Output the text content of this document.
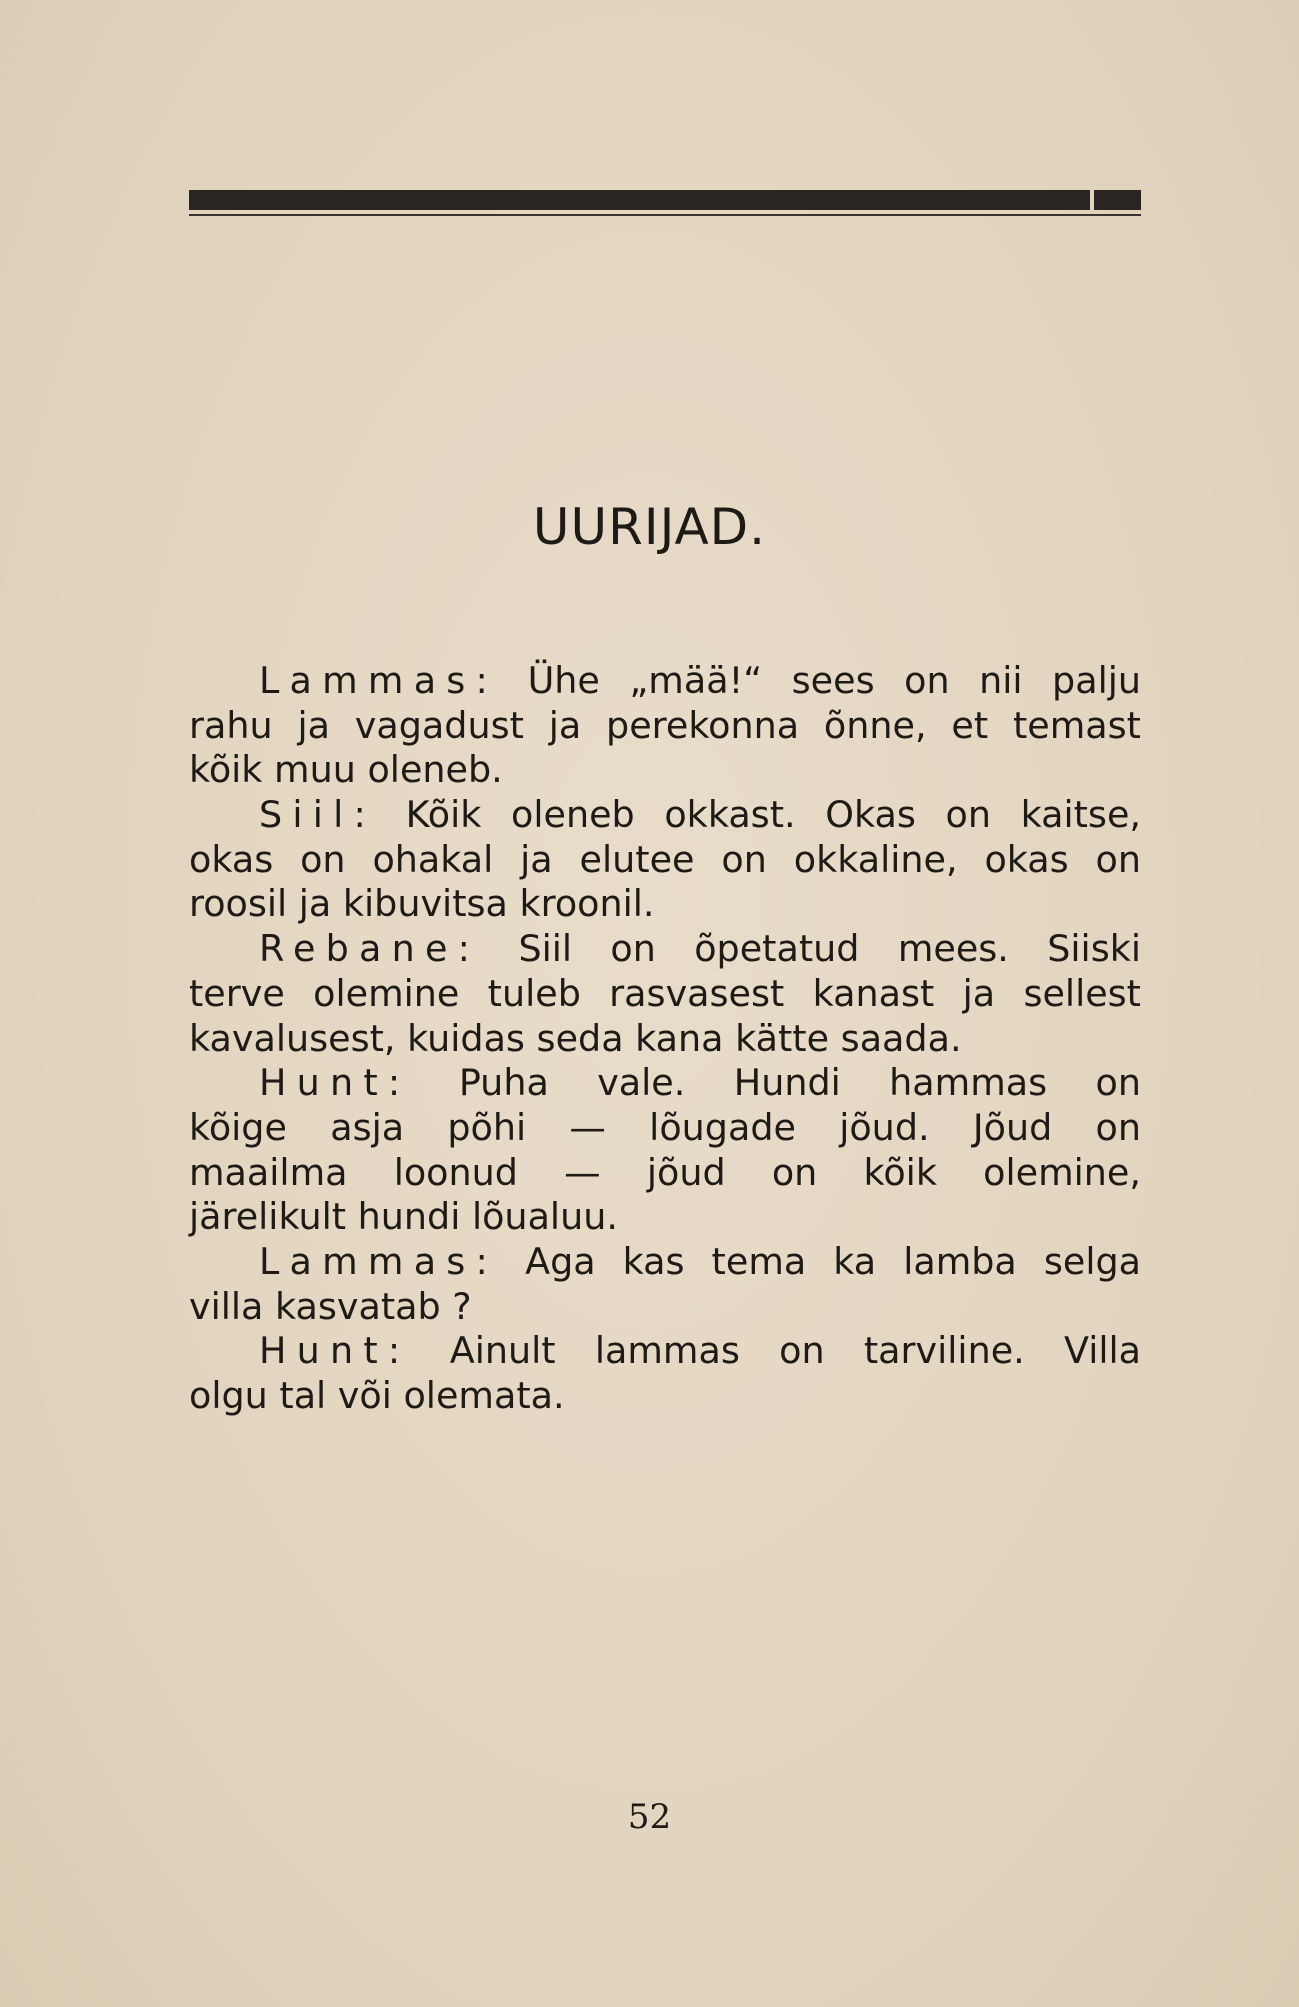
UURIJAD.
Lammas: Ühe „mää!“ sees on nii palju
rahu ja vagadust ja perekonna õnne, et temast
kõik muu oleneb.
Siil: Kõik oleneb okkast. Okas on kaitse,
okas on ohakal ja elutee on okkaline, okas on
roosil ja kibuvitsa kroonil.
Rebane: Siil on õpetatud mees. Siiski
terve olemine tuleb rasvasest kanast ja sellest
kavalusest, kuidas seda kana kätte saada.
Hunt: Puha vale. Hundi hammas on
kõige asja põhi — lõugade jõud. Jõud on
maailma loonud — jõud on kõik olemine,
järelikult hundi lõualuu.
Lammas: Aga kas tema ka lamba selga
villa kasvatab ?
Hunt: Ainult lammas on tarviline. Villa
olgu tal või olemata.
52
